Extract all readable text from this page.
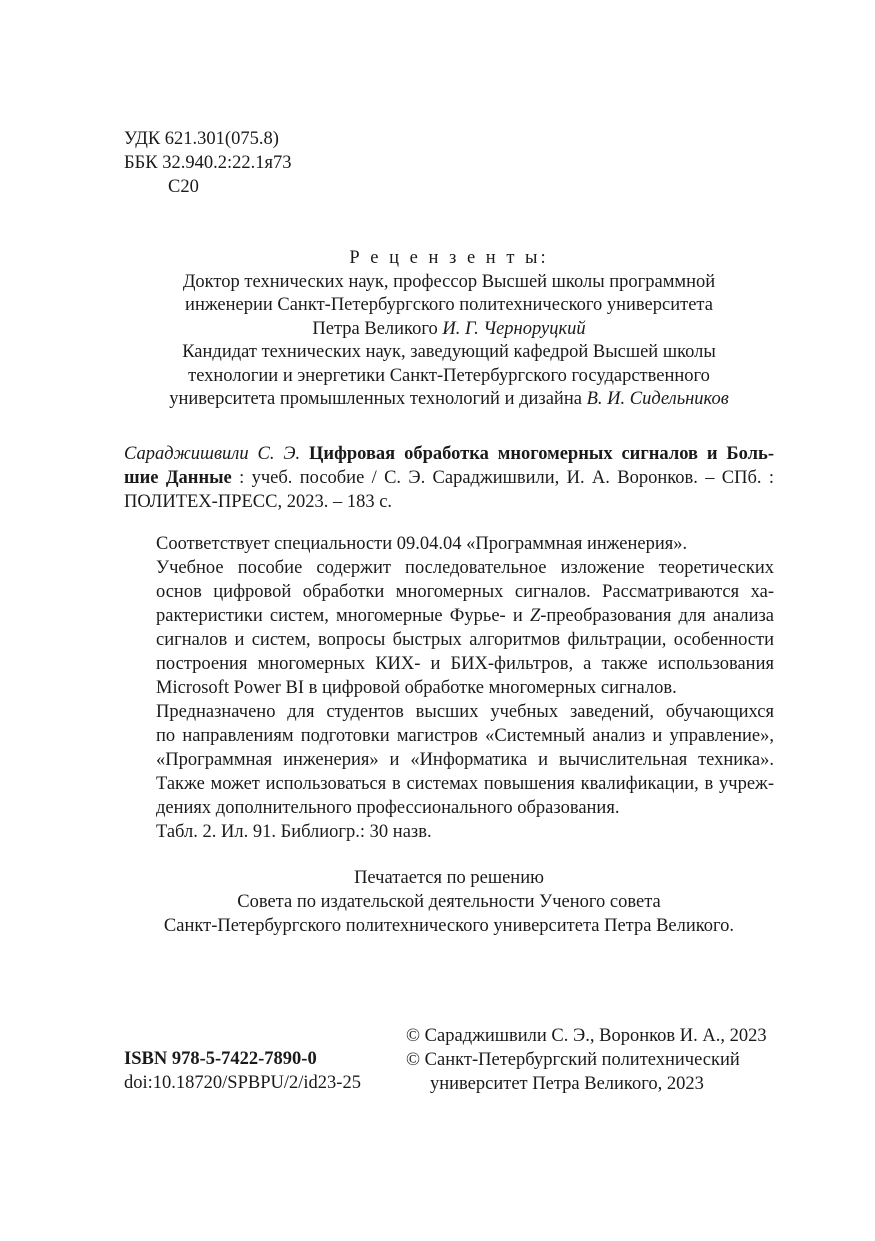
УДК 621.301(075.8)
ББК 32.940.2:22.1я73
С20
Р е ц е н з е н т ы:
Доктор технических наук, профессор Высшей школы программной
инженерии Санкт-Петербургского политехнического университета
Петра Великого И. Г. Черноруцкий
Кандидат технических наук, заведующий кафедрой Высшей школы
технологии и энергетики Санкт-Петербургского государственного
университета промышленных технологий и дизайна В. И. Сидельников
Сараджишвили С. Э. Цифровая обработка многомерных сигналов и Боль-
шие Данные : учеб. пособие / С. Э. Сараджишвили, И. А. Воронков. – СПб. :
ПОЛИТЕХ-ПРЕСС, 2023. – 183 с.

Соответствует специальности 09.04.04 «Программная инженерия».

Учебное пособие содержит последовательное изложение теоретических
основ цифровой обработки многомерных сигналов. Рассматриваются ха-
рактеристики систем, многомерные Фурье- и Z-преобразования для анализа
сигналов и систем, вопросы быстрых алгоритмов фильтрации, особенности
построения многомерных КИХ- и БИХ-фильтров, а также использования
Microsoft Power BI в цифровой обработке многомерных сигналов.

Предназначено для студентов высших учебных заведений, обучающихся
по направлениям подготовки магистров «Системный анализ и управление»,
«Программная инженерия» и «Информатика и вычислительная техника».
Также может использоваться в системах повышения квалификации, в учреж-
дениях дополнительного профессионального образования.

Табл. 2. Ил. 91. Библиогр.: 30 назв.
Печатается по решению
Совета по издательской деятельности Ученого совета
Санкт-Петербургского политехнического университета Петра Великого.
ISBN 978-5-7422-7890-0
doi:10.18720/SPBPU/2/id23-25
© Сараджишвили С. Э., Воронков И. А., 2023
© Санкт-Петербургский политехнический
университет Петра Великого, 2023
